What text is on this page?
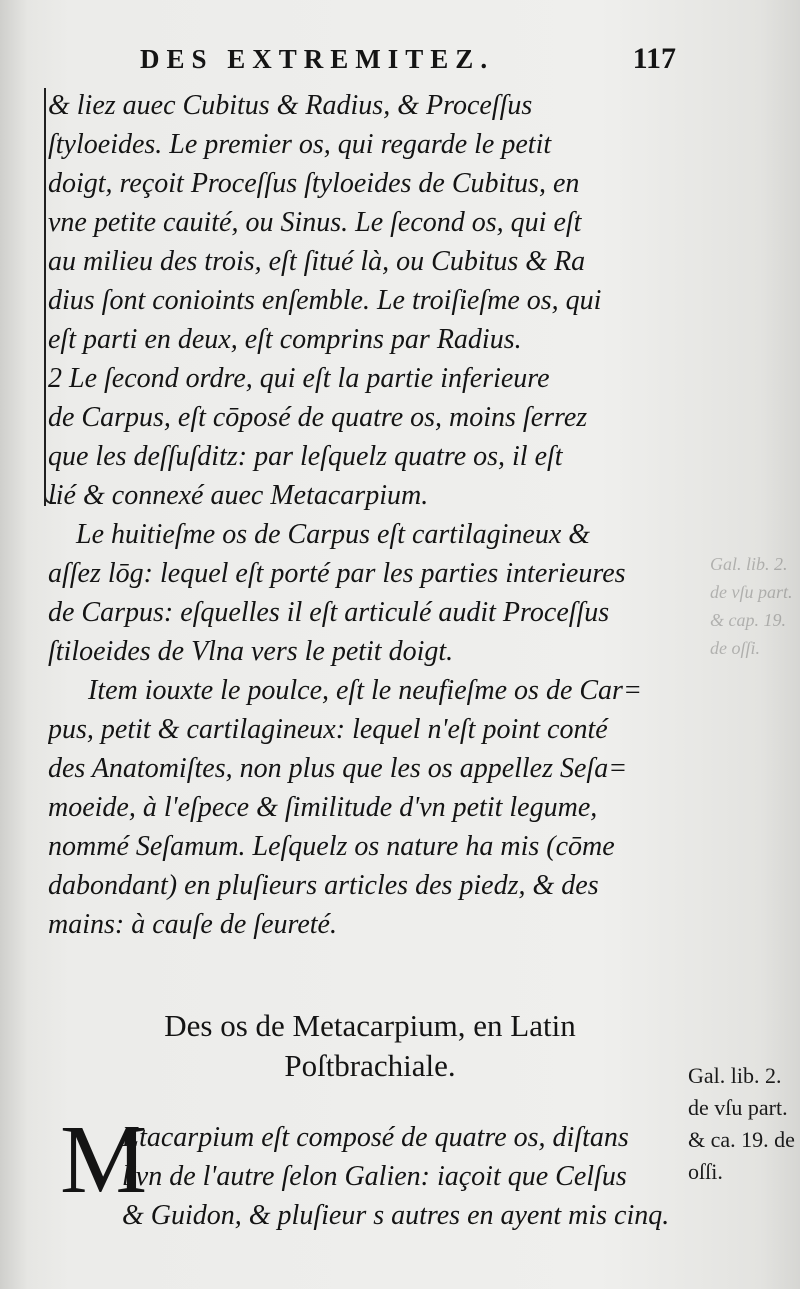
DES EXTREMITEZ.	117
& liez auec Cubitus & Radius, & Proceſſus
ſtyloeides. Le premier os, qui regarde le petit
doigt, reçoit Proceſſus ſtyloeides de Cubitus, en
vne petite cauité, ou Sinus. Le ſecond os, qui eſt
au milieu des trois, eſt ſitué là, ou Cubitus & Ra
dius ſont conioints enſemble. Le troiſieſme os, qui
eſt parti en deux, eſt comprins par Radius.
2 Le ſecond ordre, qui eſt la partie inferieure
de Carpus, eſt cōposé de quatre os, moins ſerrez
que les deſſuſditz: par leſquelz quatre os, il eſt
lié & connexé auec Metacarpium.
Le huitieſme os de Carpus eſt cartilagineux &
aſſez lōg: lequel eſt porté par les parties interieures
de Carpus: eſquelles il eſt articulé audit Proceſſus
ſtiloeides de Vlna vers le petit doigt.
Item iouxte le poulce, eſt le neufieſme os de Car=
pus, petit & cartilagineux: lequel n'eſt point conté
des Anatomiſtes, non plus que les os appellez Seſa=
moeide, à l'eſpece & ſimilitude d'vn petit legume,
nommé Seſamum. Leſquelz os nature ha mis (cōme
dabondant) en pluſieurs articles des piedz, & des
mains: à cauſe de ſeureté.
Gal. lib. 2. de vſu part. & cap. 19. de oſſi.
Des os de Metacarpium, en Latin Poſtbrachiale.	Gal. lib. 2. de vſu part. & ca. 19. de oſſi.
M
Etacarpium eſt composé de quatre os, diſtans
l'vn de l'autre ſelon Galien: iaçoit que Celſus
& Guidon, & pluſieur s autres en ayent mis cinq.
